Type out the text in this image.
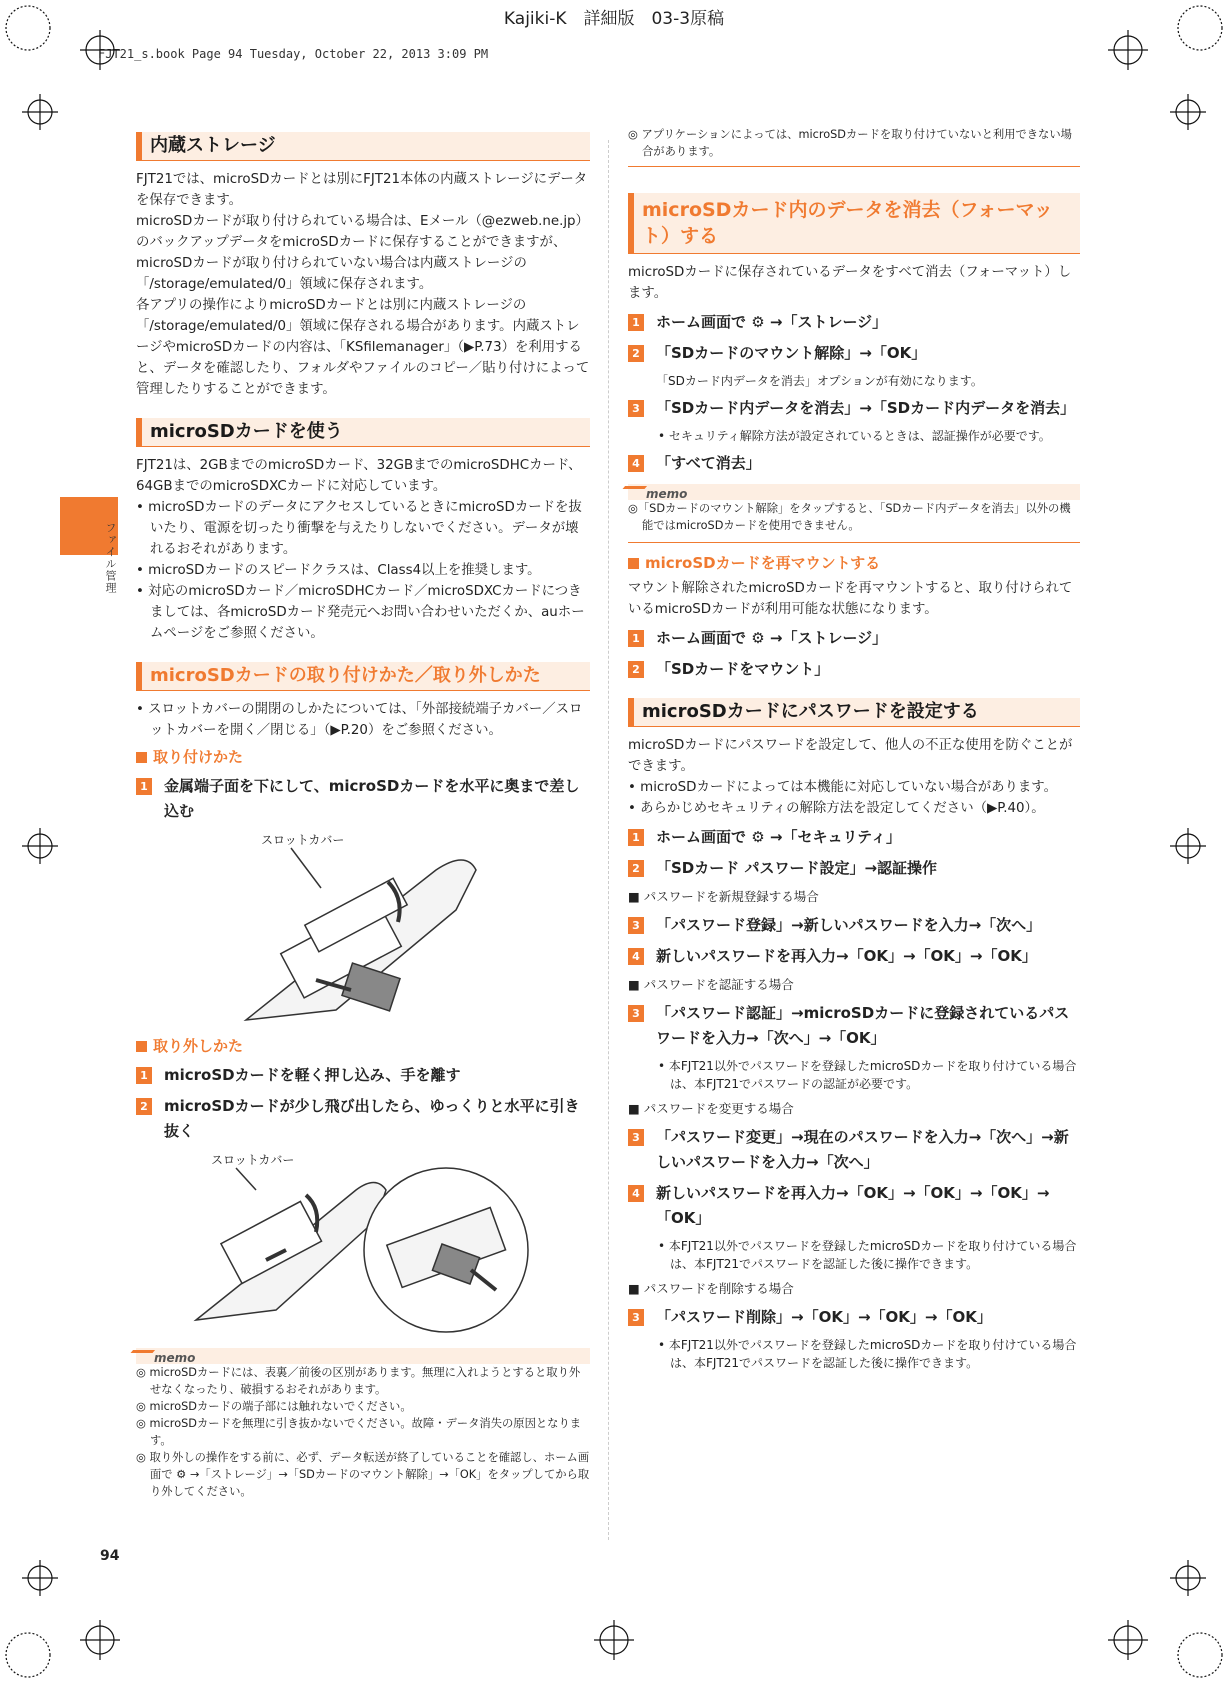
Kajiki-K　詳細版　03-3原稿
FJT21_s.book Page 94 Tuesday, October 22, 2013 3:09 PM
ファイル管理
内蔵ストレージ

FJT21では、microSDカードとは別にFJT21本体の内蔵ストレージにデータを保存できます。
microSDカードが取り付けられている場合は、Eメール（@ezweb.ne.jp）のバックアップデータをmicroSDカードに保存することができますが、microSDカードが取り付けられていない場合は内蔵ストレージの「/storage/emulated/0」領域に保存されます。
各アプリの操作によりmicroSDカードとは別に内蔵ストレージの「/storage/emulated/0」領域に保存される場合があります。内蔵ストレージやmicroSDカードの内容は、「KSfilemanager」（▶P.73）を利用すると、データを確認したり、フォルダやファイルのコピー／貼り付けによって管理したりすることができます。

microSDカードを使う

FJT21は、2GBまでのmicroSDカード、32GBまでのmicroSDHCカード、64GBまでのmicroSDXCカードに対応しています。

• microSDカードのデータにアクセスしているときにmicroSDカードを抜いたり、電源を切ったり衝撃を与えたりしないでください。データが壊れるおそれがあります。

• microSDカードのスピードクラスは、Class4以上を推奨します。

• 対応のmicroSDカード／microSDHCカード／microSDXCカードにつきましては、各microSDカード発売元へお問い合わせいただくか、auホームページをご参照ください。

microSDカードの取り付けかた／取り外しかた

• スロットカバーの開閉のしかたについては、「外部接続端子カバー／スロットカバーを開く／閉じる」（▶P.20）をご参照ください。

取り付けかた
1 金属端子面を下にして、microSDカードを水平に奥まで差し込む
スロットカバー
取り外しかた
1 microSDカードを軽く押し込み、手を離す
2 microSDカードが少し飛び出したら、ゆっくりと水平に引き抜く
スロットカバー
memo
◎ microSDカードには、表裏／前後の区別があります。無理に入れようとすると取り外せなくなったり、破損するおそれがあります。
◎ microSDカードの端子部には触れないでください。
◎ microSDカードを無理に引き抜かないでください。故障・データ消失の原因となります。
◎ 取り外しの操作をする前に、必ず、データ転送が終了していることを確認し、ホーム画面で ⚙ →「ストレージ」→「SDカードのマウント解除」→「OK」をタップしてから取り外してください。
◎ アプリケーションによっては、microSDカードを取り付けていないと利用できない場合があります。
microSDカード内のデータを消去（フォーマット）する

microSDカードに保存されているデータをすべて消去（フォーマット）します。

1 ホーム画面で ⚙ →「ストレージ」
2 「SDカードのマウント解除」→「OK」
「SDカード内データを消去」オプションが有効になります。
3 「SDカード内データを消去」→「SDカード内データを消去」
• セキュリティ解除方法が設定されているときは、認証操作が必要です。
4 「すべて消去」
memo
◎「SDカードのマウント解除」をタップすると、「SDカード内データを消去」以外の機能ではmicroSDカードを使用できません。
microSDカードを再マウントする

マウント解除されたmicroSDカードを再マウントすると、取り付けられているmicroSDカードが利用可能な状態になります。

1 ホーム画面で ⚙ →「ストレージ」
2 「SDカードをマウント」
microSDカードにパスワードを設定する

microSDカードにパスワードを設定して、他人の不正な使用を防ぐことができます。

• microSDカードによっては本機能に対応していない場合があります。

• あらかじめセキュリティの解除方法を設定してください（▶P.40）。

1 ホーム画面で ⚙ →「セキュリティ」
2 「SDカード パスワード設定」→認証操作
■ パスワードを新規登録する場合
3 「パスワード登録」→新しいパスワードを入力→「次へ」
4 新しいパスワードを再入力→「OK」→「OK」→「OK」
■ パスワードを認証する場合
3 「パスワード認証」→microSDカードに登録されているパスワードを入力→「次へ」→「OK」
• 本FJT21以外でパスワードを登録したmicroSDカードを取り付けている場合は、本FJT21でパスワードの認証が必要です。
■ パスワードを変更する場合
3 「パスワード変更」→現在のパスワードを入力→「次へ」→新しいパスワードを入力→「次へ」
4 新しいパスワードを再入力→「OK」→「OK」→「OK」→「OK」
• 本FJT21以外でパスワードを登録したmicroSDカードを取り付けている場合は、本FJT21でパスワードを認証した後に操作できます。
■ パスワードを削除する場合
3 「パスワード削除」→「OK」→「OK」→「OK」
• 本FJT21以外でパスワードを登録したmicroSDカードを取り付けている場合は、本FJT21でパスワードを認証した後に操作できます。
94
